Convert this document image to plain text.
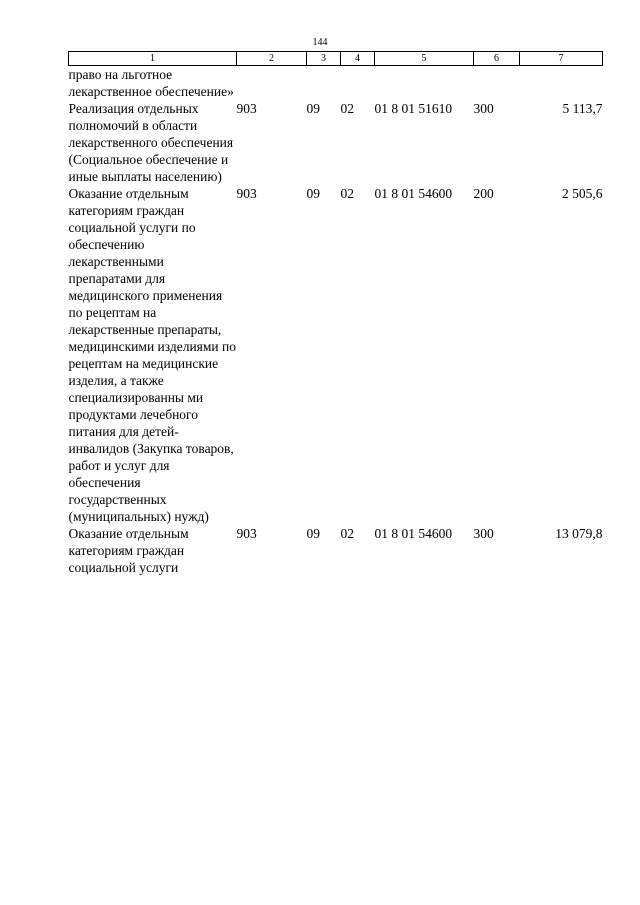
144

1	2	3	4	5	6	7
право на льготное лекарственное обеспечение»						
Реализация отдельных полномочий в области лекарственного обеспечения (Социальное обеспечение и иные выплаты населению)	903	09	02	01 8 01 51610	300	5 113,7
Оказание отдельным категориям граждан социальной услуги по обеспечению лекарственными препаратами для медицинского применения по рецептам на лекарственные препараты, медицинскими изделиями по рецептам на медицинские изделия, а также специализированны ми продуктами лечебного питания для детей-инвалидов (Закупка товаров, работ и услуг для обеспечения государственных (муниципальных) нужд)	903	09	02	01 8 01 54600	200	2 505,6
Оказание отдельным категориям граждан социальной услуги	903	09	02	01 8 01 54600	300	13 079,8
